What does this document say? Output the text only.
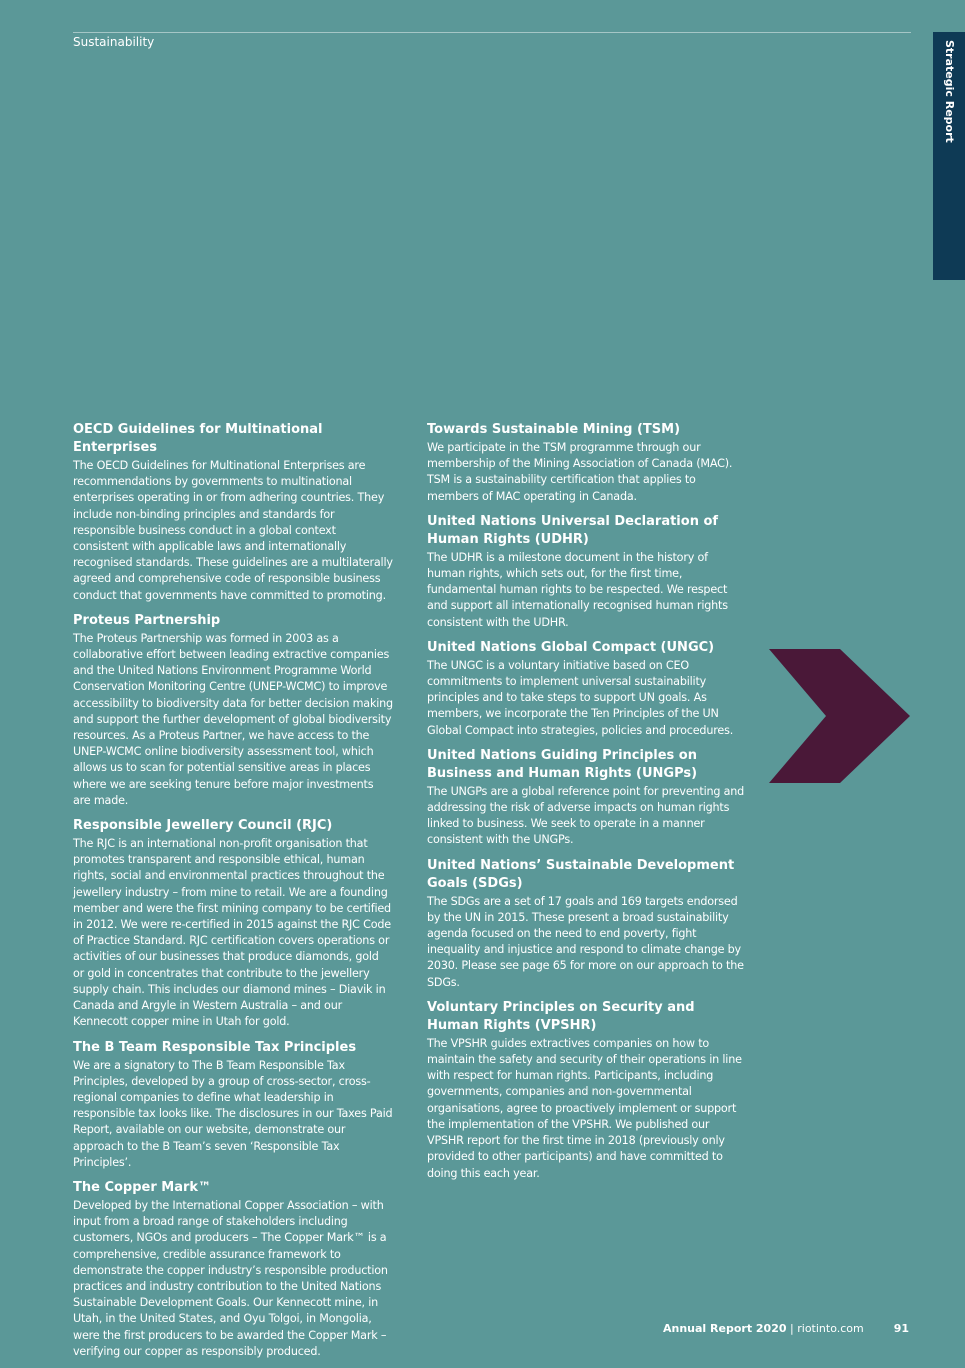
Sustainability	Strategic Report
OECD Guidelines for Multinational Enterprises

The OECD Guidelines for Multinational Enterprises are recommendations by governments to multinational enterprises operating in or from adhering countries. They include non-binding principles and standards for responsible business conduct in a global context consistent with applicable laws and internationally recognised standards. These guidelines are a multilaterally agreed and comprehensive code of responsible business conduct that governments have committed to promoting.

Proteus Partnership

The Proteus Partnership was formed in 2003 as a collaborative effort between leading extractive companies and the United Nations Environment Programme World Conservation Monitoring Centre (UNEP-WCMC) to improve accessibility to biodiversity data for better decision making and support the further development of global biodiversity resources. As a Proteus Partner, we have access to the UNEP-WCMC online biodiversity assessment tool, which allows us to scan for potential sensitive areas in places where we are seeking tenure before major investments are made.

Responsible Jewellery Council (RJC)

The RJC is an international non-profit organisation that promotes transparent and responsible ethical, human rights, social and environmental practices throughout the jewellery industry – from mine to retail. We are a founding member and were the first mining company to be certified in 2012. We were re-certified in 2015 against the RJC Code of Practice Standard. RJC certification covers operations or activities of our businesses that produce diamonds, gold or gold in concentrates that contribute to the jewellery supply chain. This includes our diamond mines – Diavik in Canada and Argyle in Western Australia – and our Kennecott copper mine in Utah for gold.

The B Team Responsible Tax Principles

We are a signatory to The B Team Responsible Tax Principles, developed by a group of cross-sector, cross-regional companies to define what leadership in responsible tax looks like. The disclosures in our Taxes Paid Report, available on our website, demonstrate our approach to the B Team’s seven ‘Responsible Tax Principles’.

The Copper Mark™

Developed by the International Copper Association – with input from a broad range of stakeholders including customers, NGOs and producers – The Copper Mark™ is a comprehensive, credible assurance framework to demonstrate the copper industry’s responsible production practices and industry contribution to the United Nations Sustainable Development Goals. Our Kennecott mine, in Utah, in the United States, and Oyu Tolgoi, in Mongolia, were the first producers to be awarded the Copper Mark – verifying our copper as responsibly produced.

Towards Sustainable Mining (TSM)

We participate in the TSM programme through our membership of the Mining Association of Canada (MAC). TSM is a sustainability certification that applies to members of MAC operating in Canada.

United Nations Universal Declaration of Human Rights (UDHR)

The UDHR is a milestone document in the history of human rights, which sets out, for the first time, fundamental human rights to be respected. We respect and support all internationally recognised human rights consistent with the UDHR.

United Nations Global Compact (UNGC)

The UNGC is a voluntary initiative based on CEO commitments to implement universal sustainability principles and to take steps to support UN goals. As members, we incorporate the Ten Principles of the UN Global Compact into strategies, policies and procedures.

United Nations Guiding Principles on Business and Human Rights (UNGPs)

The UNGPs are a global reference point for preventing and addressing the risk of adverse impacts on human rights linked to business. We seek to operate in a manner consistent with the UNGPs.

United Nations’ Sustainable Development Goals (SDGs)

The SDGs are a set of 17 goals and 169 targets endorsed by the UN in 2015. These present a broad sustainability agenda focused on the need to end poverty, fight inequality and injustice and respond to climate change by 2030. Please see page 65 for more on our approach to the SDGs.

Voluntary Principles on Security and Human Rights (VPSHR)

The VPSHR guides extractives companies on how to maintain the safety and security of their operations in line with respect for human rights. Participants, including governments, companies and non-governmental organisations, agree to proactively implement or support the implementation of the VPSHR. We published our VPSHR report for the first time in 2018 (previously only provided to other participants) and have committed to doing this each year.

Annual Report 2020 | riotinto.com	91
